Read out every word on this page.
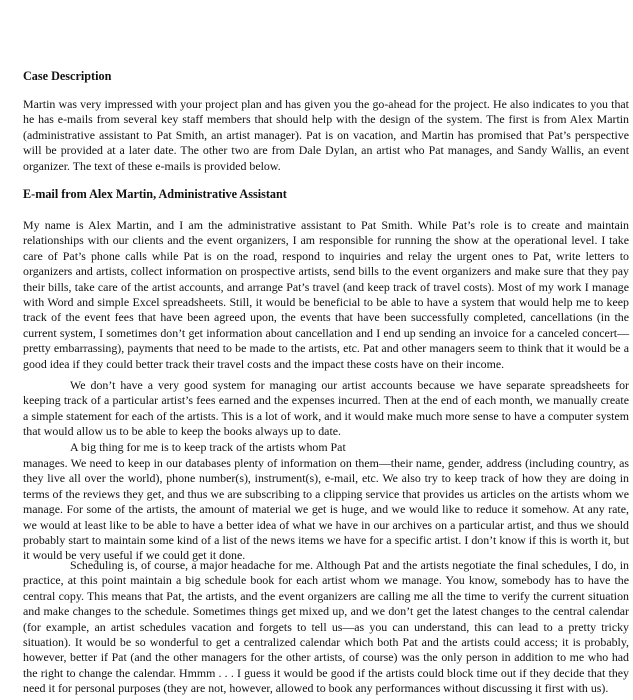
Case Description

Martin was very impressed with your project plan and has given you the go-ahead for the project. He also indicates to you that he has e-mails from several key staff members that should help with the design of the system. The first is from Alex Martin (administrative assistant to Pat Smith, an artist manager). Pat is on vacation, and Martin has promised that Pat’s perspective will be provided at a later date. The other two are from Dale Dylan, an artist who Pat manages, and Sandy Wallis, an event organizer. The text of these e-mails is provided below.

E-mail from Alex Martin, Administrative Assistant

My name is Alex Martin, and I am the administrative assistant to Pat Smith. While Pat’s role is to create and maintain relationships with our clients and the event organizers, I am responsible for running the show at the operational level. I take care of Pat’s phone calls while Pat is on the road, respond to inquiries and relay the urgent ones to Pat, write letters to organizers and artists, collect information on prospective artists, send bills to the event organizers and make sure that they pay their bills, take care of the artist accounts, and arrange Pat’s travel (and keep track of travel costs). Most of my work I manage with Word and simple Excel spreadsheets. Still, it would be beneficial to be able to have a system that would help me to keep track of the event fees that have been agreed upon, the events that have been successfully completed, cancellations (in the current system, I sometimes don’t get information about cancellation and I end up sending an invoice for a canceled concert—pretty embarrassing), payments that need to be made to the artists, etc. Pat and other managers seem to think that it would be a good idea if they could better track their travel costs and the impact these costs have on their income.

We don’t have a very good system for managing our artist accounts because we have separate spreadsheets for keeping track of a particular artist’s fees earned and the expenses incurred. Then at the end of each month, we manually create a simple statement for each of the artists. This is a lot of work, and it would make much more sense to have a computer system that would allow us to be able to keep the books always up to date.

A big thing for me is to keep track of the artists whom Pat

manages. We need to keep in our databases plenty of information on them—their name, gender, address (including country, as they live all over the world), phone number(s), instrument(s), e-mail, etc. We also try to keep track of how they are doing in terms of the reviews they get, and thus we are subscribing to a clipping service that provides us articles on the artists whom we manage. For some of the artists, the amount of material we get is huge, and we would like to reduce it somehow. At any rate, we would at least like to be able to have a better idea of what we have in our archives on a particular artist, and thus we should probably start to maintain some kind of a list of the news items we have for a specific artist. I don’t know if this is worth it, but it would be very useful if we could get it done.

Scheduling is, of course, a major headache for me. Although Pat and the artists negotiate the final schedules, I do, in practice, at this point maintain a big schedule book for each artist whom we manage. You know, somebody has to have the central copy. This means that Pat, the artists, and the event organizers are calling me all the time to verify the current situation and make changes to the schedule. Sometimes things get mixed up, and we don’t get the latest changes to the central calendar (for example, an artist schedules vacation and forgets to tell us—as you can understand, this can lead to a pretty tricky situation). It would be so wonderful to get a centralized calendar which both Pat and the artists could access; it is probably, however, better if Pat (and the other managers for the other artists, of course) was the only person in addition to me who had the right to change the calendar. Hmmm . . . I guess it would be good if the artists could block time out if they decide that they need it for personal purposes (they are not, however, allowed to book any performances without discussing it first with us).
